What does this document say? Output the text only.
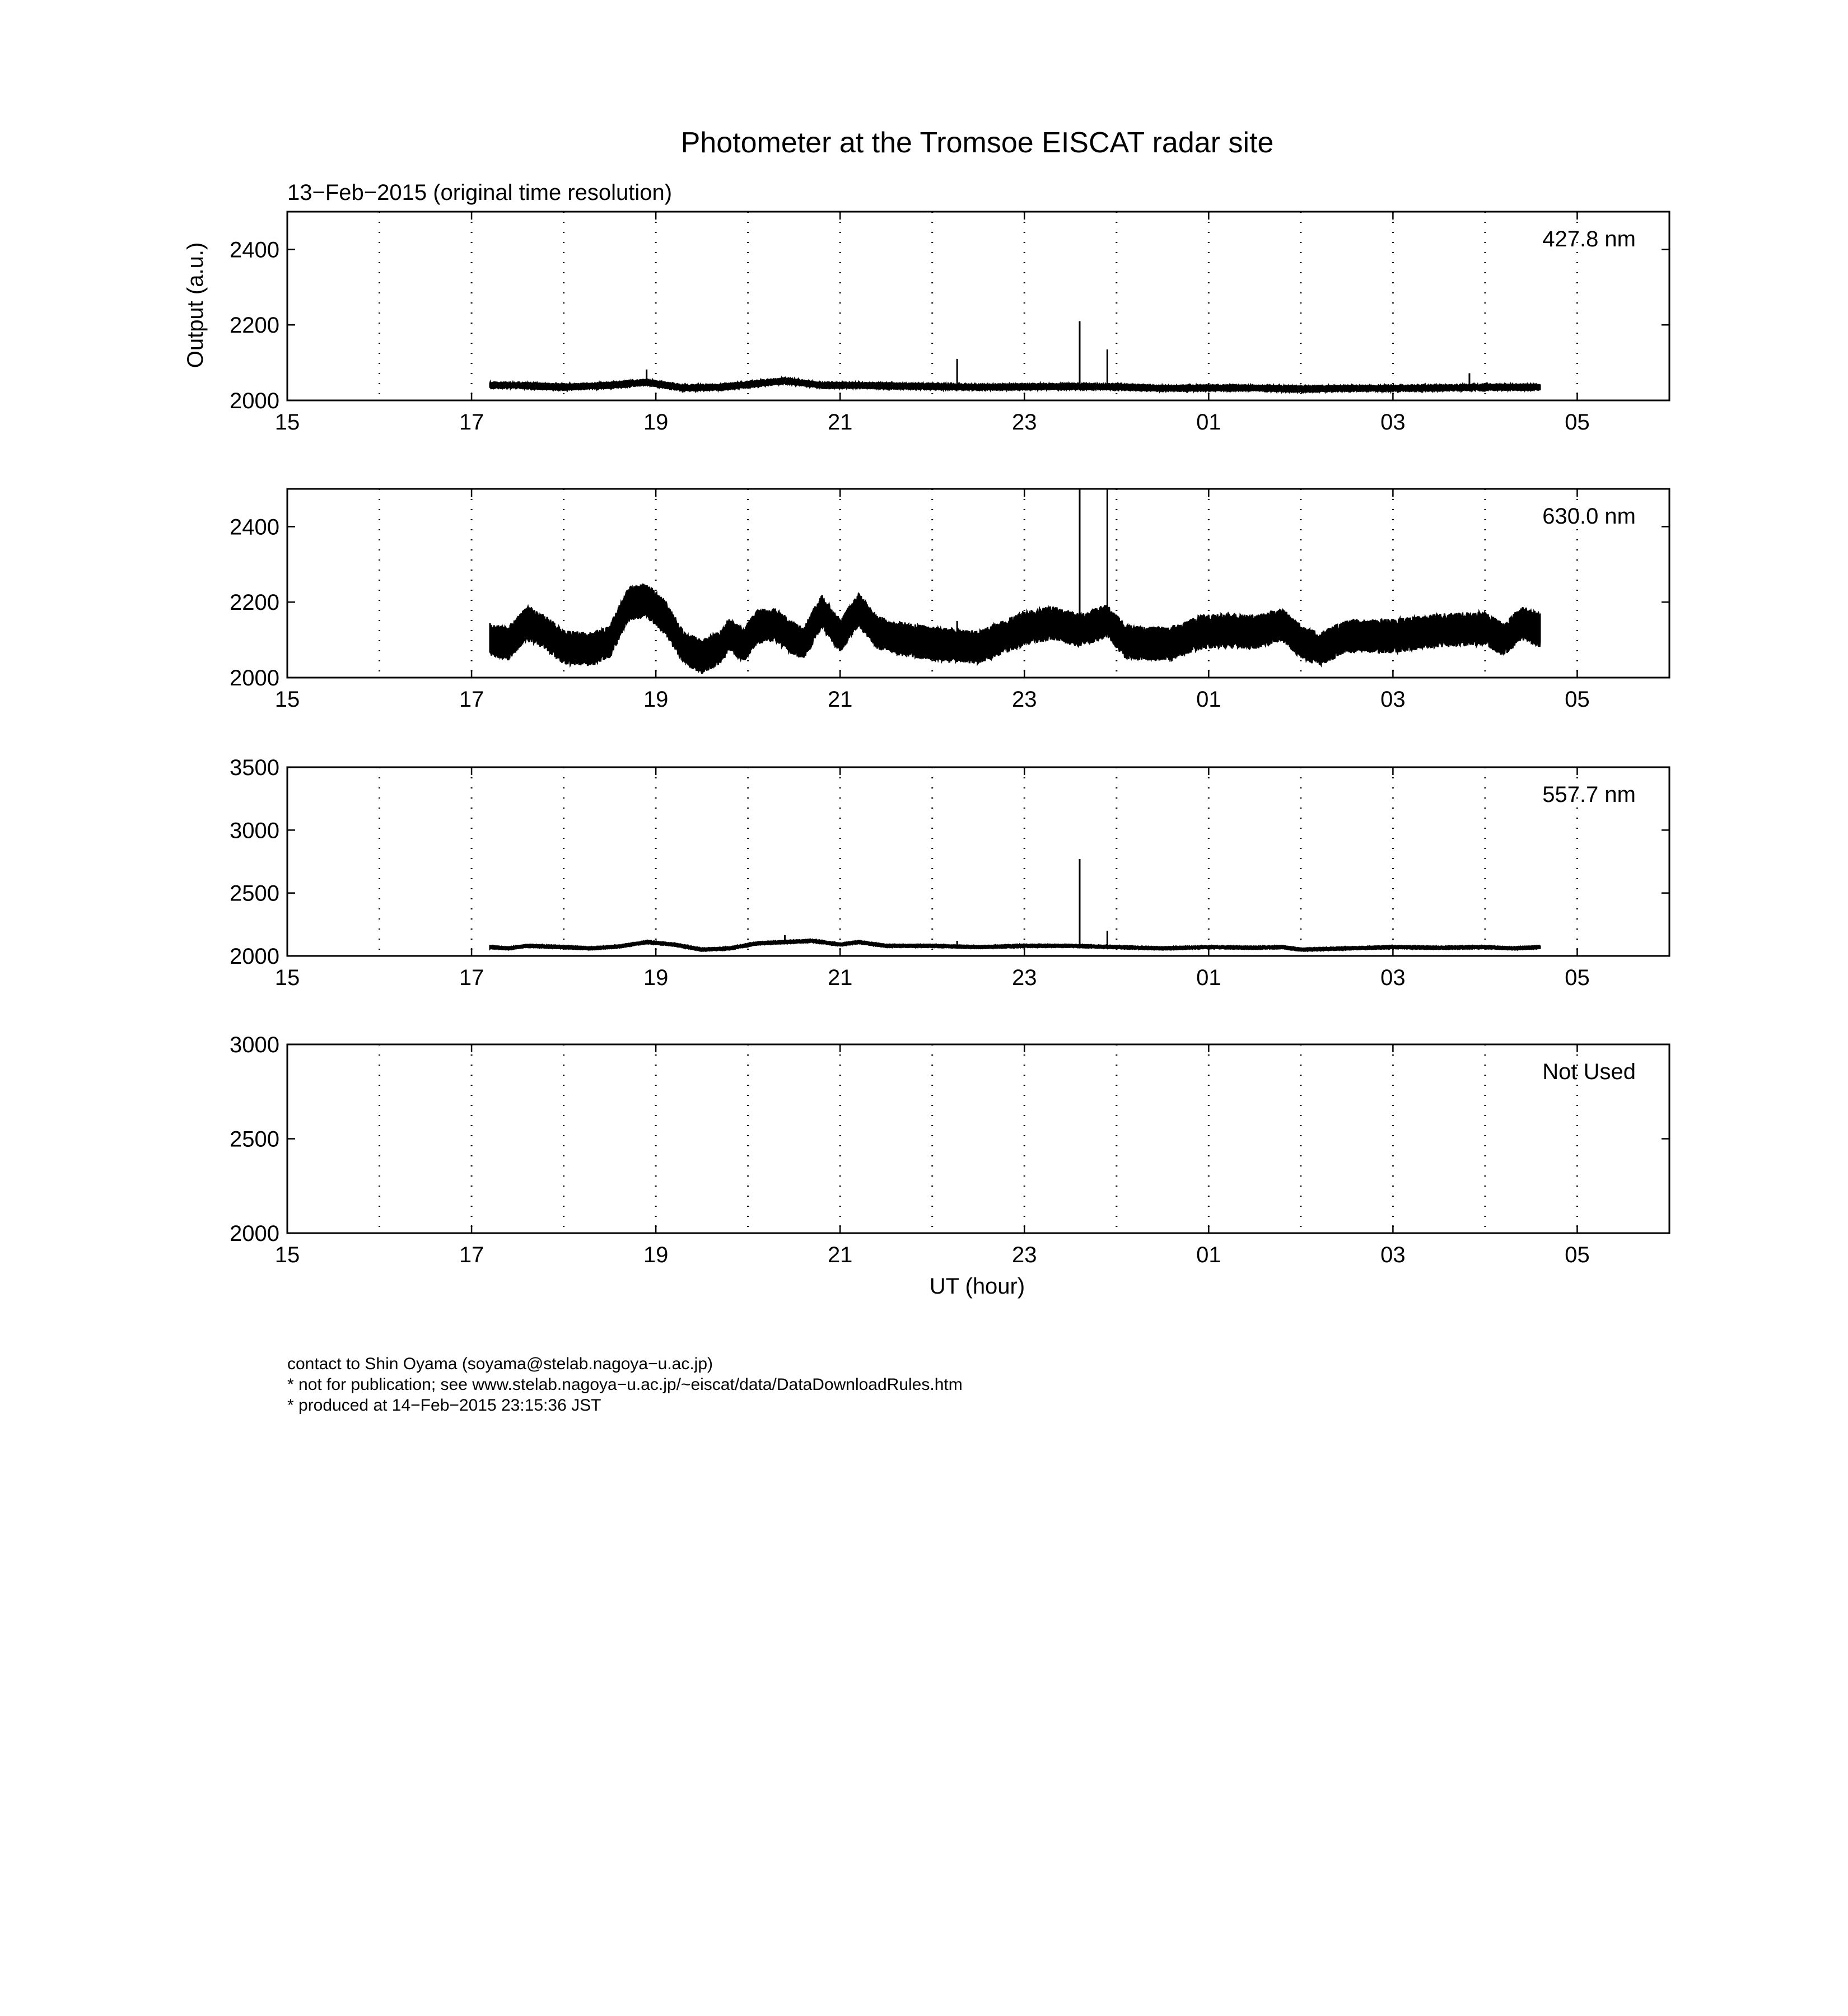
Photometer at the Tromsoe EISCAT radar site
13−Feb−2015 (original time resolution)
Output (a.u.)
15	17	19	21	23	01	03	05
2000
2200
2400	427.8 nm
15	17	19	21	23	01	03	05
2000
2200
2400	630.0 nm
15	17	19	21	23	01	03	05
2000
2500
3000
3500
557.7 nm
15	17	19	21	23	01	03	05
2000
2500
3000
Not Used
UT (hour)
contact to Shin Oyama (soyama@stelab.nagoya−u.ac.jp)
* not for publication; see www.stelab.nagoya−u.ac.jp/~eiscat/data/DataDownloadRules.htm
* produced at 14−Feb−2015 23:15:36 JST
